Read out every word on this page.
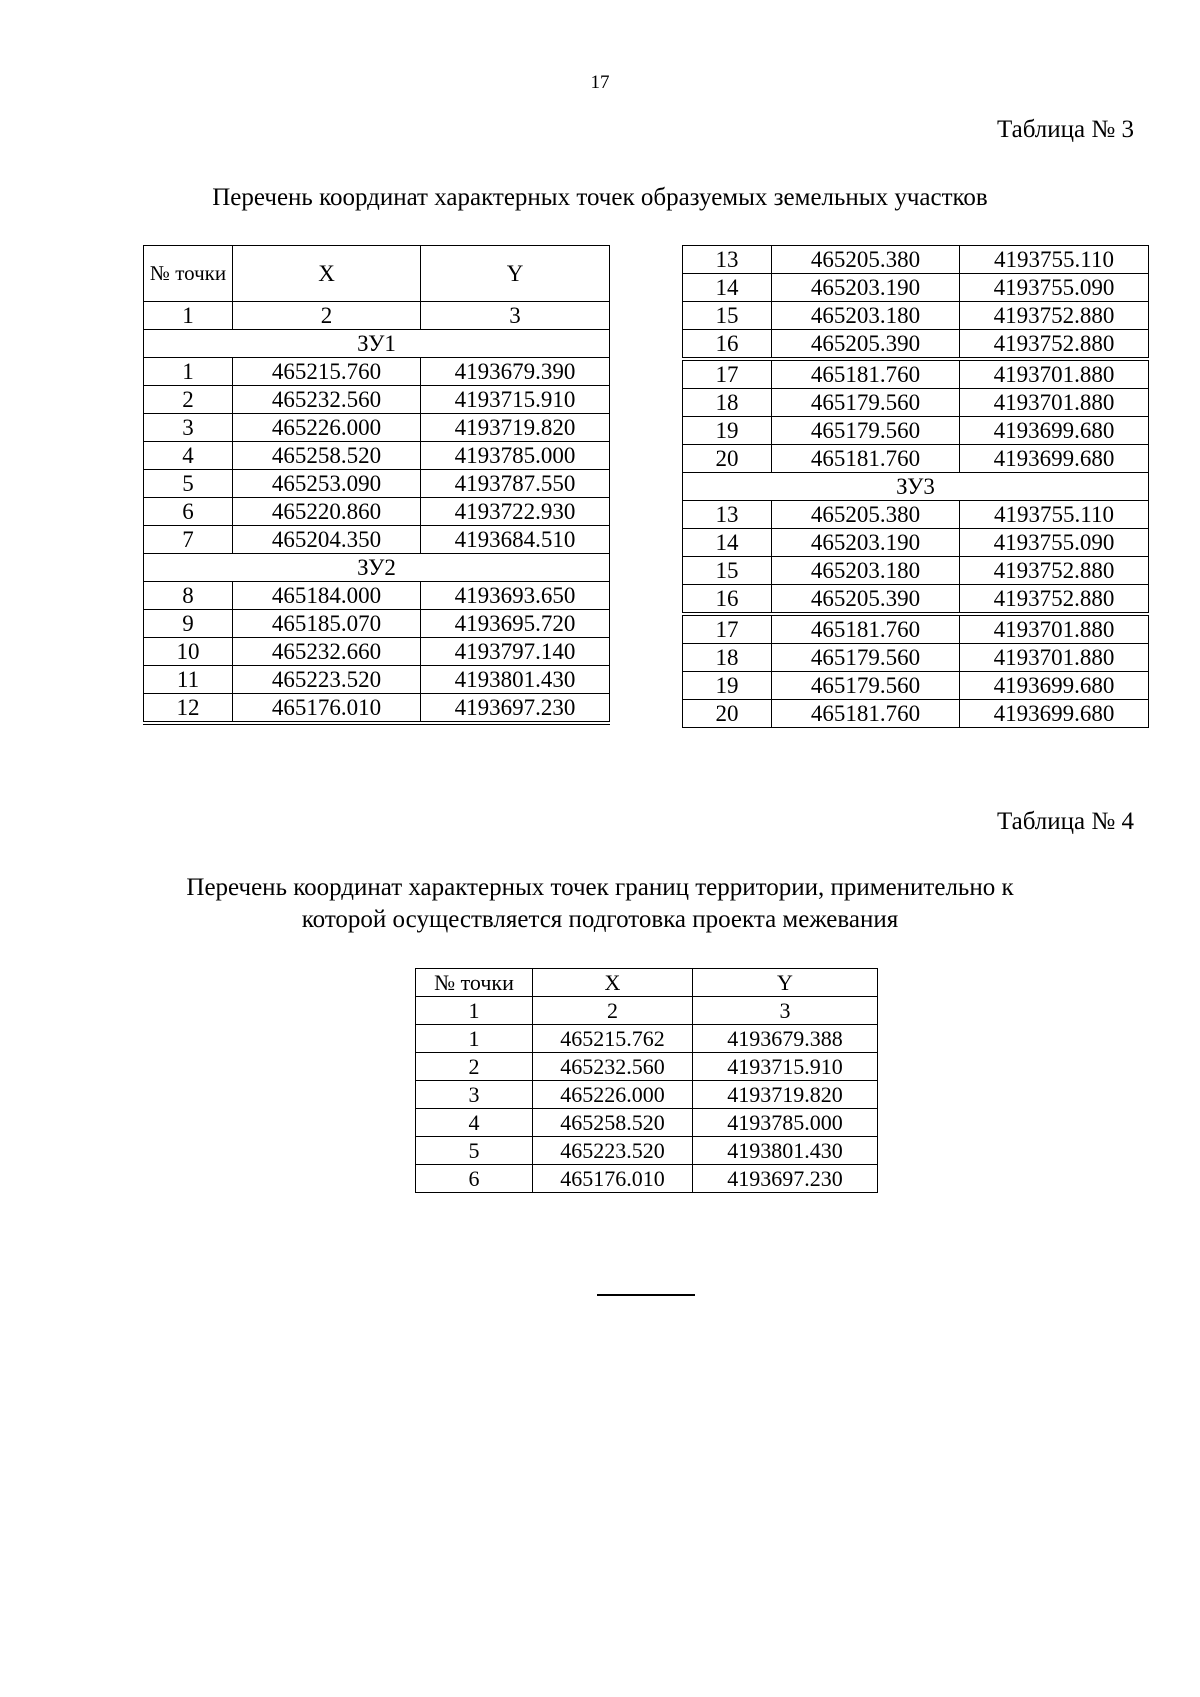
17
Таблица № 3
Перечень координат характерных точек образуемых земельных участков
№ точки	X	Y
1	2	3
ЗУ1		
1	465215.760	4193679.390
2	465232.560	4193715.910
3	465226.000	4193719.820
4	465258.520	4193785.000
5	465253.090	4193787.550
6	465220.860	4193722.930
7	465204.350	4193684.510
ЗУ2		
8	465184.000	4193693.650
9	465185.070	4193695.720
10	465232.660	4193797.140
11	465223.520	4193801.430
12	465176.010	4193697.230
13	465205.380	4193755.110
14	465203.190	4193755.090
15	465203.180	4193752.880
16	465205.390	4193752.880
17	465181.760	4193701.880
18	465179.560	4193701.880
19	465179.560	4193699.680
20	465181.760	4193699.680
ЗУ3		
13	465205.380	4193755.110
14	465203.190	4193755.090
15	465203.180	4193752.880
16	465205.390	4193752.880
17	465181.760	4193701.880
18	465179.560	4193701.880
19	465179.560	4193699.680
20	465181.760	4193699.680
Таблица № 4
Перечень координат характерных точек границ территории, применительно к
которой осуществляется подготовка проекта межевания
№ точки	X	Y
1	2	3
1	465215.762	4193679.388
2	465232.560	4193715.910
3	465226.000	4193719.820
4	465258.520	4193785.000
5	465223.520	4193801.430
6	465176.010	4193697.230
